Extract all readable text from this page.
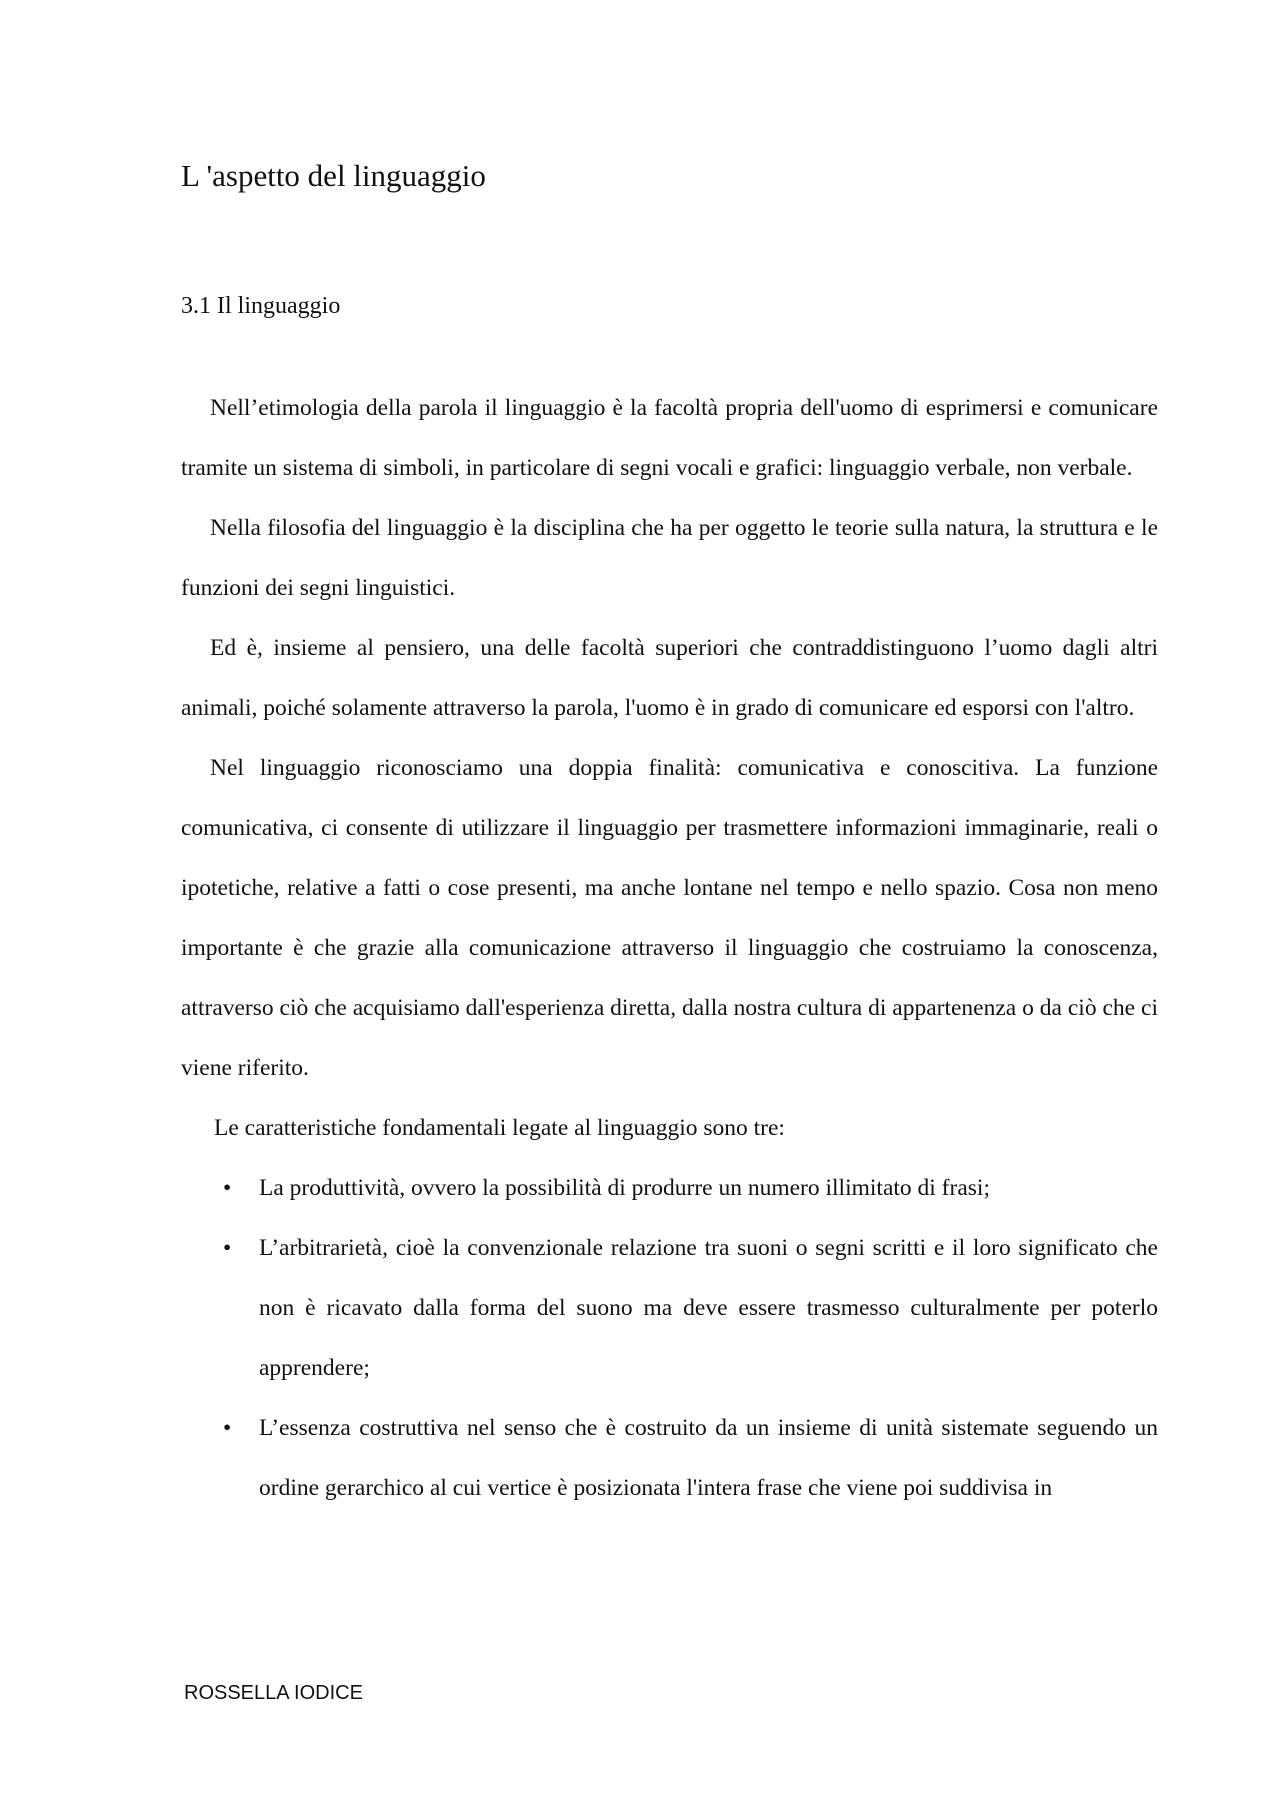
L 'aspetto del linguaggio
3.1 Il linguaggio

Nell’etimologia della parola il linguaggio è la facoltà propria dell'uomo di esprimersi e comunicare tramite un sistema di simboli, in particolare di segni vocali e grafici: linguaggio verbale, non verbale.

Nella filosofia del linguaggio è la disciplina che ha per oggetto le teorie sulla natura, la struttura e le funzioni dei segni linguistici.

Ed è, insieme al pensiero, una delle facoltà superiori che contraddistinguono l’uomo dagli altri animali, poiché solamente attraverso la parola, l'uomo è in grado di comunicare ed esporsi con l'altro.

Nel linguaggio riconosciamo una doppia finalità: comunicativa e conoscitiva. La funzione comunicativa, ci consente di utilizzare il linguaggio per trasmettere informazioni immaginarie, reali o ipotetiche, relative a fatti o cose presenti, ma anche lontane nel tempo e nello spazio. Cosa non meno importante è che grazie alla comunicazione attraverso il linguaggio che costruiamo la conoscenza, attraverso ciò che acquisiamo dall'esperienza diretta, dalla nostra cultura di appartenenza o da ciò che ci viene riferito.

Le caratteristiche fondamentali legate al linguaggio sono tre:

• La produttività, ovvero la possibilità di produrre un numero illimitato di frasi;
• L’arbitrarietà, cioè la convenzionale relazione tra suoni o segni scritti e il loro significato che non è ricavato dalla forma del suono ma deve essere trasmesso culturalmente per poterlo apprendere;
• L’essenza costruttiva nel senso che è costruito da un insieme di unità sistemate seguendo un ordine gerarchico al cui vertice è posizionata l'intera frase che viene poi suddivisa in
ROSSELLA IODICE
